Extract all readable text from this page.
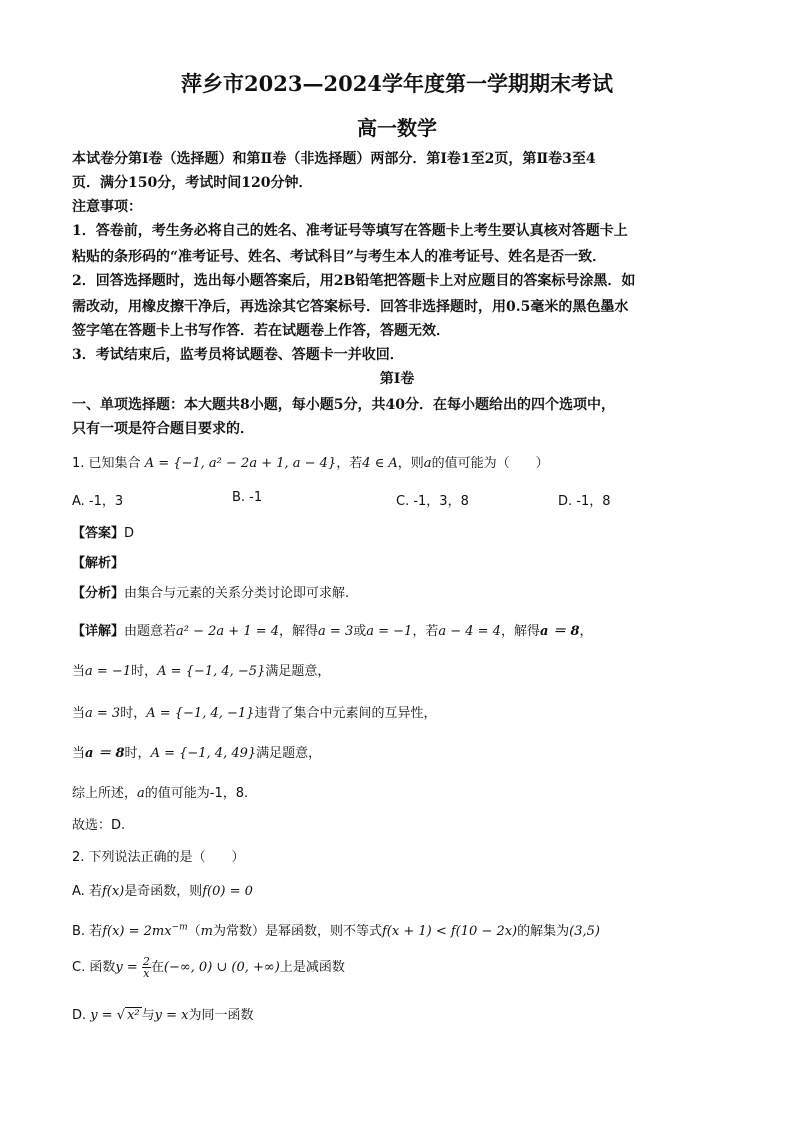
萍乡市2023—2024学年度第一学期期末考试
高一数学
本试卷分第Ⅰ卷（选择题）和第Ⅱ卷（非选择题）两部分．第Ⅰ卷1至2页，第Ⅱ卷3至4
页．满分150分，考试时间120分钟．
注意事项：
1．答卷前，考生务必将自己的姓名、准考证号等填写在答题卡上考生要认真核对答题卡上
粘贴的条形码的“准考证号、姓名、考试科目”与考生本人的准考证号、姓名是否一致．
2．回答选择题时，选出每小题答案后，用2B铅笔把答题卡上对应题目的答案标号涂黑．如
需改动，用橡皮擦干净后，再选涂其它答案标号．回答非选择题时，用0.5毫米的黑色墨水
签字笔在答题卡上书写作答．若在试题卷上作答，答题无效．
3．考试结束后，监考员将试题卷、答题卡一并收回．
第Ⅰ卷
一、单项选择题：本大题共8小题，每小题5分，共40分．在每小题给出的四个选项中，
只有一项是符合题目要求的．
1. 已知集合 A = {−1, a² − 2a + 1, a − 4}，若4 ∈ A，则a的值可能为（　　）
A. -1，3	B. -1	C. -1，3，8	D. -1，8
【答案】D
【解析】
【分析】由集合与元素的关系分类讨论即可求解.
【详解】由题意若a² − 2a + 1 = 4，解得a = 3或a = −1，若a − 4 = 4，解得a ＝ 8，
当a = −1时，A = {−1, 4, −5}满足题意，
当a = 3时，A = {−1, 4, −1}违背了集合中元素间的互异性，
当a ＝ 8时，A = {−1, 4, 49}满足题意，
综上所述，a的值可能为-1，8.
故选：D.
2. 下列说法正确的是（　　）
A. 若f(x)是奇函数，则f(0) = 0
B. 若$f(x) = 2mx^{-m}(m$为常数）是幂函数，则不等式f(x + 1) < f(10 − 2x)的解集为(3,5)
C. 函数$y = \frac{2}{x}$ 在(−∞, 0) ∪ (0, +∞)上是减函数
D. y = √ x² 与y = x为同一函数
